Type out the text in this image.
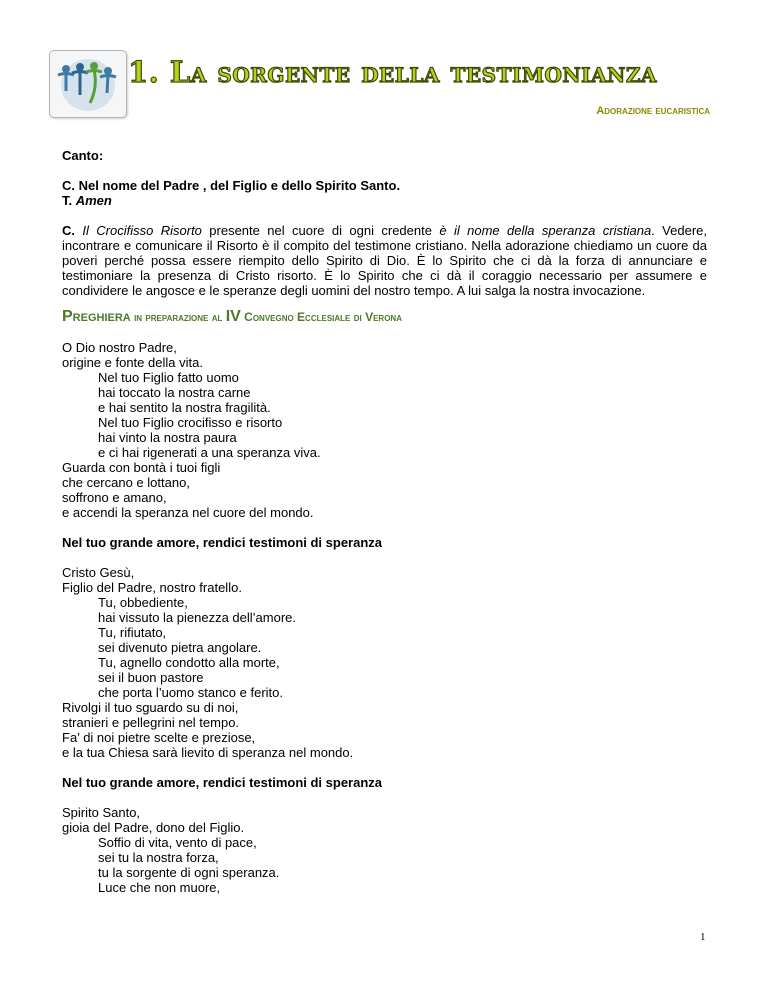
1. La sorgente della testimonianza
Adorazione eucaristica

Canto:

C. Nel nome del Padre , del Figlio e dello Spirito Santo.

T. Amen

C. Il Crocifisso Risorto presente nel cuore di ogni credente è il nome della speranza cristiana. Vedere, incontrare e comunicare il Risorto è il compito del testimone cristiano. Nella adorazione chiediamo un cuore da poveri perché possa essere riempito dello Spirito di Dio. È lo Spirito che ci dà la forza di annunciare e testimoniare la presenza di Cristo risorto. È lo Spirito che ci dà il coraggio necessario per assumere e condividere le angosce e le speranze degli uomini del nostro tempo. A lui salga la nostra invocazione.

Preghiera in preparazione al IV Convegno Ecclesiale di Verona

O Dio nostro Padre,

origine e fonte della vita.

Nel tuo Figlio fatto uomo

hai toccato la nostra carne

e hai sentito la nostra fragilità.

Nel tuo Figlio crocifisso e risorto

hai vinto la nostra paura

e ci hai rigenerati a una speranza viva.

Guarda con bontà i tuoi figli

che cercano e lottano,

soffrono e amano,

e accendi la speranza nel cuore del mondo.

Nel tuo grande amore, rendici testimoni di speranza

Cristo Gesù,

Figlio del Padre, nostro fratello.

Tu, obbediente,

hai vissuto la pienezza dell’amore.

Tu, rifiutato,

sei divenuto pietra angolare.

Tu, agnello condotto alla morte,

sei il buon pastore

che porta l’uomo stanco e ferito.

Rivolgi il tuo sguardo su di noi,

stranieri e pellegrini nel tempo.

Fa’ di noi pietre scelte e preziose,

e la tua Chiesa sarà lievito di speranza nel mondo.

Nel tuo grande amore, rendici testimoni di speranza

Spirito Santo,

gioia del Padre, dono del Figlio.

Soffio di vita, vento di pace,

sei tu la nostra forza,

tu la sorgente di ogni speranza.

Luce che non muore,

1
